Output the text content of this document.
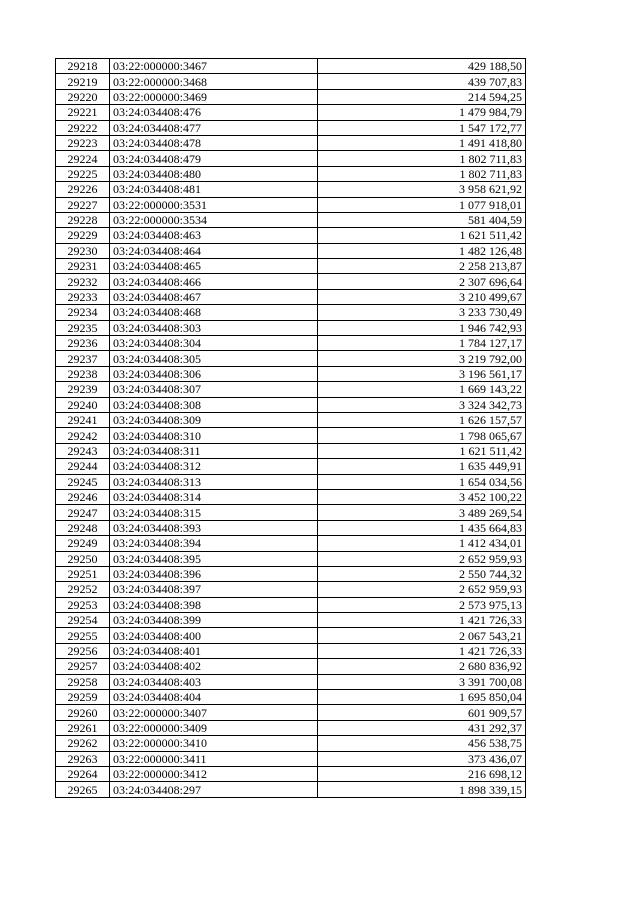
29218	03:22:000000:3467	429 188,50
29219	03:22:000000:3468	439 707,83
29220	03:22:000000:3469	214 594,25
29221	03:24:034408:476	1 479 984,79
29222	03:24:034408:477	1 547 172,77
29223	03:24:034408:478	1 491 418,80
29224	03:24:034408:479	1 802 711,83
29225	03:24:034408:480	1 802 711,83
29226	03:24:034408:481	3 958 621,92
29227	03:22:000000:3531	1 077 918,01
29228	03:22:000000:3534	581 404,59
29229	03:24:034408:463	1 621 511,42
29230	03:24:034408:464	1 482 126,48
29231	03:24:034408:465	2 258 213,87
29232	03:24:034408:466	2 307 696,64
29233	03:24:034408:467	3 210 499,67
29234	03:24:034408:468	3 233 730,49
29235	03:24:034408:303	1 946 742,93
29236	03:24:034408:304	1 784 127,17
29237	03:24:034408:305	3 219 792,00
29238	03:24:034408:306	3 196 561,17
29239	03:24:034408:307	1 669 143,22
29240	03:24:034408:308	3 324 342,73
29241	03:24:034408:309	1 626 157,57
29242	03:24:034408:310	1 798 065,67
29243	03:24:034408:311	1 621 511,42
29244	03:24:034408:312	1 635 449,91
29245	03:24:034408:313	1 654 034,56
29246	03:24:034408:314	3 452 100,22
29247	03:24:034408:315	3 489 269,54
29248	03:24:034408:393	1 435 664,83
29249	03:24:034408:394	1 412 434,01
29250	03:24:034408:395	2 652 959,93
29251	03:24:034408:396	2 550 744,32
29252	03:24:034408:397	2 652 959,93
29253	03:24:034408:398	2 573 975,13
29254	03:24:034408:399	1 421 726,33
29255	03:24:034408:400	2 067 543,21
29256	03:24:034408:401	1 421 726,33
29257	03:24:034408:402	2 680 836,92
29258	03:24:034408:403	3 391 700,08
29259	03:24:034408:404	1 695 850,04
29260	03:22:000000:3407	601 909,57
29261	03:22:000000:3409	431 292,37
29262	03:22:000000:3410	456 538,75
29263	03:22:000000:3411	373 436,07
29264	03:22:000000:3412	216 698,12
29265	03:24:034408:297	1 898 339,15
